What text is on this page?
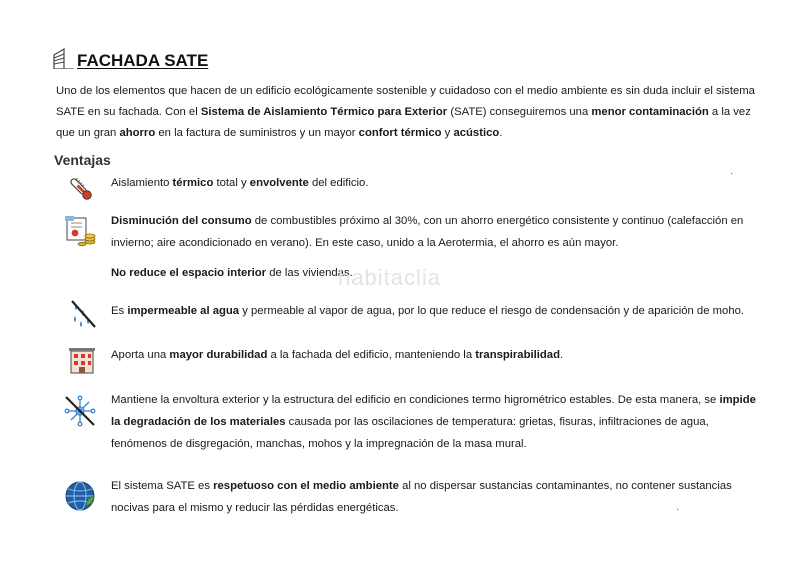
FACHADA SATE

Uno de los elementos que hacen de un edificio ecológicamente sostenible y cuidadoso con el medio ambiente es sin duda incluir el sistema SATE en su fachada. Con el Sistema de Aislamiento Térmico para Exterior (SATE) conseguiremos una menor contaminación a la vez que un gran ahorro en la factura de suministros y un mayor confort térmico y acústico.

Ventajas

Aislamiento térmico total y envolvente del edificio.

Disminución del consumo de combustibles próximo al 30%, con un ahorro energético consistente y continuo (calefacción en invierno; aire acondicionado en verano). En este caso, unido a la Aerotermia, el ahorro es aún mayor.

No reduce el espacio interior de las viviendas.

Es impermeable al agua y permeable al vapor de agua, por lo que reduce el riesgo de condensación y de aparición de moho.

Aporta una mayor durabilidad a la fachada del edificio, manteniendo la transpirabilidad.

Mantiene la envoltura exterior y la estructura del edificio en condiciones termo higrométrico estables. De esta manera, se impide la degradación de los materiales causada por las oscilaciones de temperatura: grietas, fisuras, infiltraciones de agua, fenómenos de disgregación, manchas, mohos y la impregnación de la masa mural.

El sistema SATE es respetuoso con el medio ambiente al no dispersar sustancias contaminantes, no contener sustancias nocivas para el mismo y reducir las pérdidas energéticas.

habitaclia
·
·
